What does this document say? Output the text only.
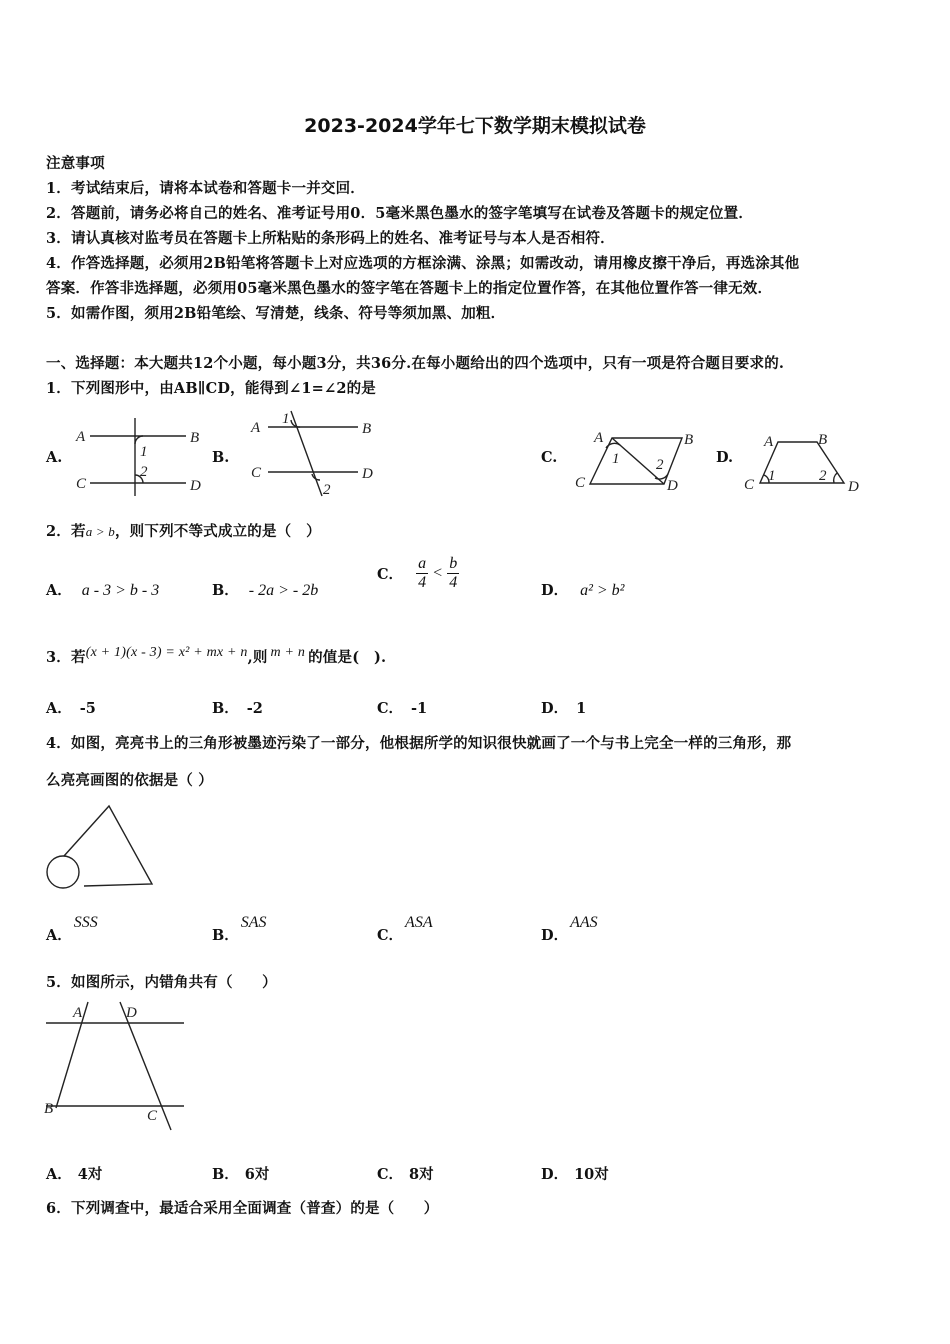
2023-2024学年七下数学期末模拟试卷
注意事项
1．考试结束后，请将本试卷和答题卡一并交回．
2．答题前，请务必将自己的姓名、准考证号用0．5毫米黑色墨水的签字笔填写在试卷及答题卡的规定位置．
3．请认真核对监考员在答题卡上所粘贴的条形码上的姓名、准考证号与本人是否相符．
4．作答选择题，必须用2B铅笔将答题卡上对应选项的方框涂满、涂黑；如需改动，请用橡皮擦干净后，再选涂其他
答案．作答非选择题，必须用05毫米黑色墨水的签字笔在答题卡上的指定位置作答，在其他位置作答一律无效．
5．如需作图，须用2B铅笔绘、写清楚，线条、符号等须加黑、加粗．
一、选择题：本大题共12个小题，每小题3分，共36分.在每小题给出的四个选项中，只有一项是符合题目要求的.
1．下列图形中，由AB∥CD，能得到∠1=∠2的是
A.	B.	C.	D.
A	B
C	D
1
2
A	B
C	D
1
2
A	B
C	D
1 2
A	B
C	D
1	2
2．若a > b，则下列不等式成立的是（　）
A． a - 3 > b - 3	B． - 2a > - 2b
C． $\frac{a}{4} < \frac{b}{4}$	D． a² > b²
3．若(x + 1)(x - 3) = x² + mx + n,则 m + n 的值是(　).
A． -5	B． -2	C． -1	D． 1
4．如图，亮亮书上的三角形被墨迹污染了一部分，他根据所学的知识很快就画了一个与书上完全一样的三角形，那
么亮亮画图的依据是（ ）
A．SSS
B．SAS
C．ASA
D．AAS
5．如图所示，内错角共有（　　）
A	D
B	C
A． 4对	B． 6对	C． 8对	D． 10对
6．下列调查中，最适合采用全面调查（普查）的是（　　）
